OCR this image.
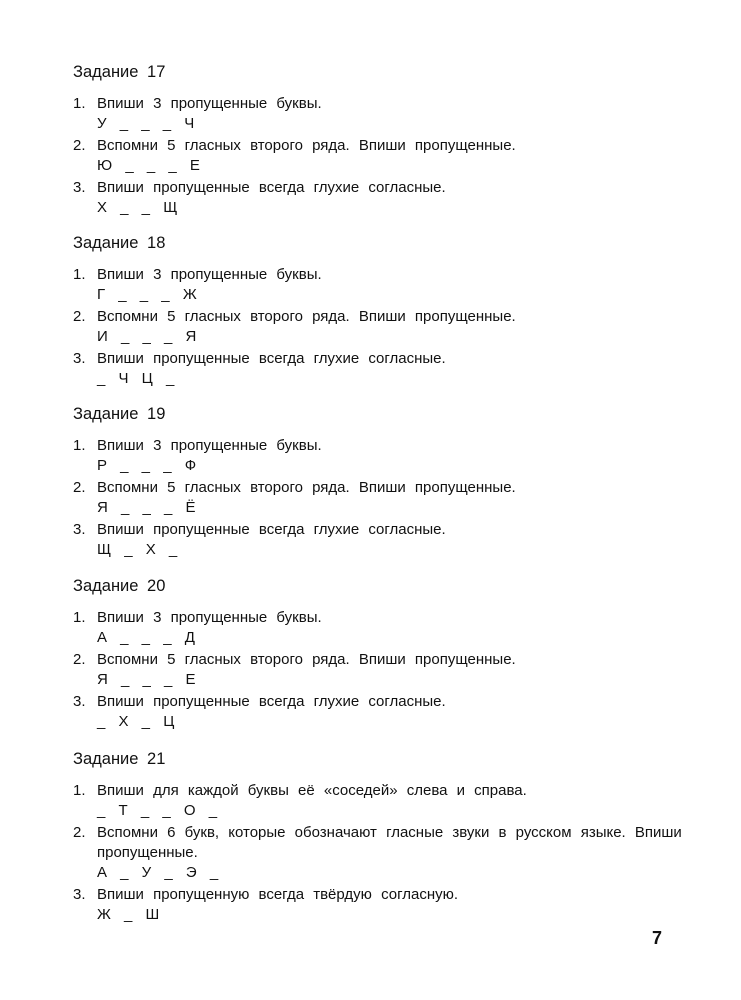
Задание 17
1. Впиши 3 пропущенные буквы.
У _ _ _ Ч
2. Вспомни 5 гласных второго ряда. Впиши пропущенные.
Ю _ _ _ Е
3. Впиши пропущенные всегда глухие согласные.
Х _ _ Щ
Задание 18
1. Впиши 3 пропущенные буквы.
Г _ _ _ Ж
2. Вспомни 5 гласных второго ряда. Впиши пропущенные.
И _ _ _ Я
3. Впиши пропущенные всегда глухие согласные.
_ Ч Ц _
Задание 19
1. Впиши 3 пропущенные буквы.
Р _ _ _ Ф
2. Вспомни 5 гласных второго ряда. Впиши пропущенные.
Я _ _ _ Ё
3. Впиши пропущенные всегда глухие согласные.
Щ _ Х _
Задание 20
1. Впиши 3 пропущенные буквы.
А _ _ _ Д
2. Вспомни 5 гласных второго ряда. Впиши пропущенные.
Я _ _ _ Е
3. Впиши пропущенные всегда глухие согласные.
_ Х _ Ц
Задание 21
1. Впиши для каждой буквы её «соседей» слева и справа.
_ Т _ _ О _
2. Вспомни 6 букв, которые обозначают гласные звуки в русском языке. Впиши пропущенные.
А _ У _ Э _
3. Впиши пропущенную всегда твёрдую согласную.
Ж _ Ш
7
